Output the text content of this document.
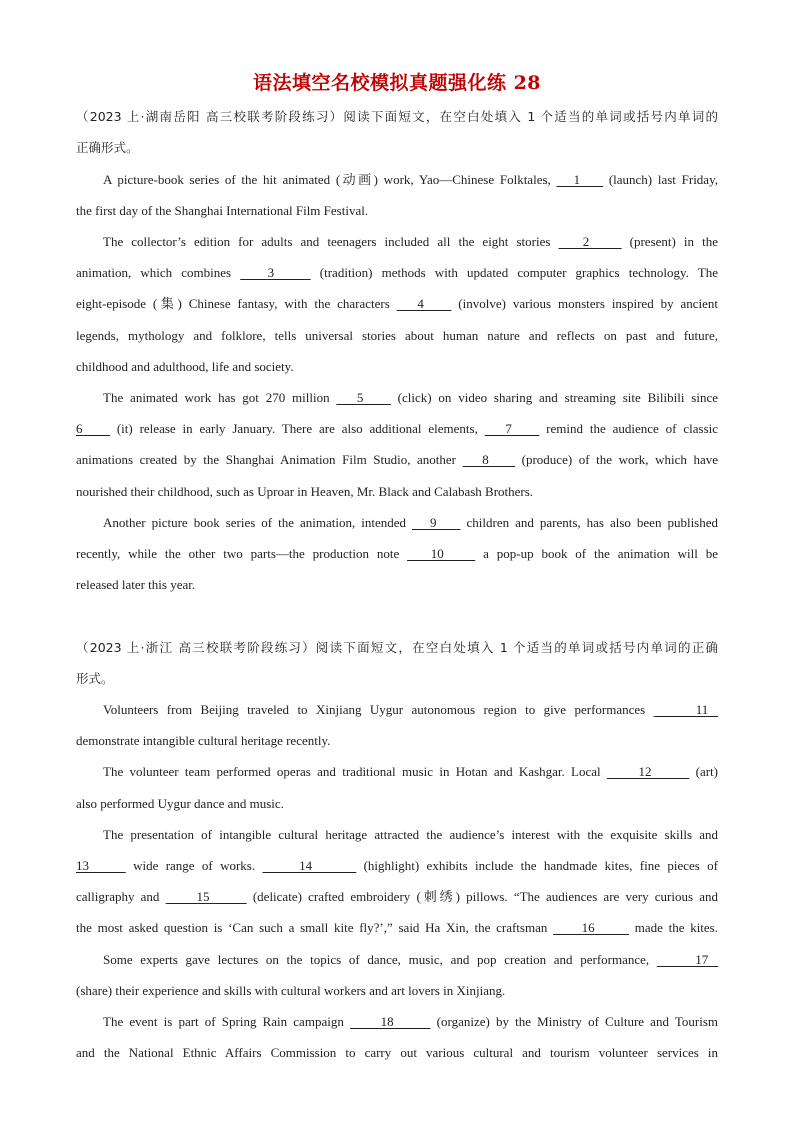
语法填空名校模拟真题强化练 28
（2023 上·湖南岳阳 高三校联考阶段练习）阅读下面短文，在空白处填入 1 个适当的单词或括号内单词的
正确形式。
A picture-book series of the hit animated (动画) work, Yao—Chinese Folktales,    1     (launch) last Friday,
the first day of the Shanghai International Film Festival.
The collector’s edition for adults and teenagers included all the eight stories    2     (present) in the
animation, which combines    3     (tradition) methods with updated computer graphics technology. The
eight-episode (集) Chinese fantasy, with the characters    4     (involve) various monsters inspired by ancient
legends, mythology and folklore, tells universal stories about human nature and reflects on past and future,
childhood and adulthood, life and society.
The animated work has got 270 million    5     (click) on video sharing and streaming site Bilibili since
6     (it) release in early January. There are also additional elements,    7     remind the audience of classic
animations created by the Shanghai Animation Film Studio, another    8     (produce) of the work, which have
nourished their childhood, such as Uproar in Heaven, Mr. Black and Calabash Brothers.
Another picture book series of the animation, intended    9     children and parents, has also been published
recently, while the other two parts—the production note    10     a pop-up book of the animation will be
released later this year.
（2023 上·浙江 高三校联考阶段练习）阅读下面短文，在空白处填入 1 个适当的单词或括号内单词的正确
形式。
Volunteers from Beijing traveled to Xinjiang Uygur autonomous region to give performances      11
demonstrate intangible cultural heritage recently.
The volunteer team performed operas and traditional music in Hotan and Kashgar. Local      12       (art)
also performed Uygur dance and music.
The presentation of intangible cultural heritage attracted the audience’s interest with the exquisite skills and
13      wide range of works.      14       (highlight) exhibits include the handmade kites, fine pieces of
calligraphy and      15       (delicate) crafted embroidery (刺绣) pillows. “The audiences are very curious and
the most asked question is ‘Can such a small kite fly?’,” said Ha Xin, the craftsman      16       made the kites.
Some experts gave lectures on the topics of dance, music, and pop creation and performance,      17
(share) their experience and skills with cultural workers and art lovers in Xinjiang.
The event is part of Spring Rain campaign      18       (organize) by the Ministry of Culture and Tourism
and the National Ethnic Affairs Commission to carry out various cultural and tourism volunteer services in
